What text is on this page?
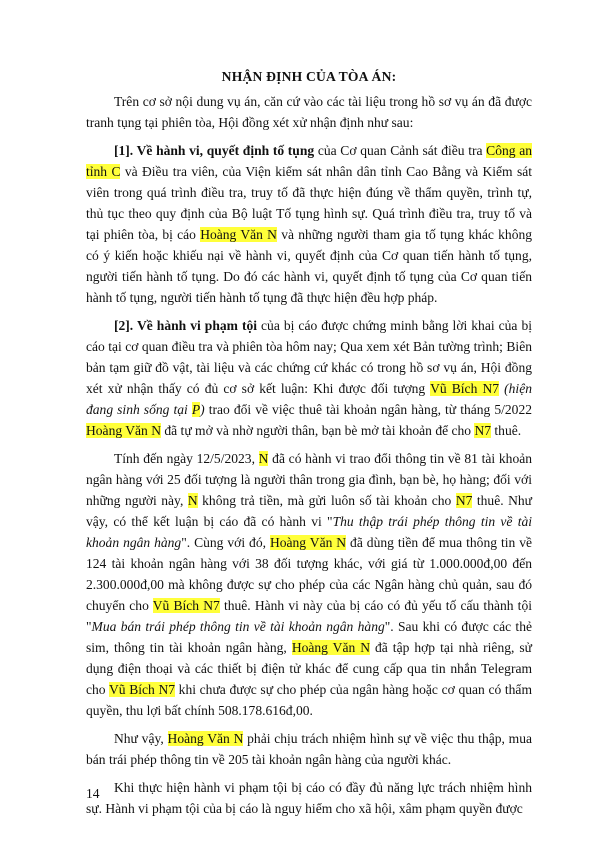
NHẬN ĐỊNH CỦA TÒA ÁN:

Trên cơ sở nội dung vụ án, căn cứ vào các tài liệu trong hồ sơ vụ án đã được tranh tụng tại phiên tòa, Hội đồng xét xử nhận định như sau:

[1]. Về hành vi, quyết định tố tụng của Cơ quan Cảnh sát điều tra Công an tỉnh C và Điều tra viên, của Viện kiểm sát nhân dân tỉnh Cao Bằng và Kiểm sát viên trong quá trình điều tra, truy tố đã thực hiện đúng về thẩm quyền, trình tự, thủ tục theo quy định của Bộ luật Tố tụng hình sự. Quá trình điều tra, truy tố và tại phiên tòa, bị cáo Hoàng Văn N và những người tham gia tố tụng khác không có ý kiến hoặc khiếu nại về hành vi, quyết định của Cơ quan tiến hành tố tụng, người tiến hành tố tụng. Do đó các hành vi, quyết định tố tụng của Cơ quan tiến hành tố tụng, người tiến hành tố tụng đã thực hiện đều hợp pháp.

[2]. Về hành vi phạm tội của bị cáo được chứng minh bằng lời khai của bị cáo tại cơ quan điều tra và phiên tòa hôm nay; Qua xem xét Bản tường trình; Biên bản tạm giữ đồ vật, tài liệu và các chứng cứ khác có trong hồ sơ vụ án, Hội đồng xét xử nhận thấy có đủ cơ sở kết luận: Khi được đối tượng Vũ Bích N7 (hiện đang sinh sống tại P) trao đổi về việc thuê tài khoản ngân hàng, từ tháng 5/2022 Hoàng Văn N đã tự mở và nhờ người thân, bạn bè mở tài khoản để cho N7 thuê.

Tính đến ngày 12/5/2023, N đã có hành vi trao đổi thông tin về 81 tài khoản ngân hàng với 25 đối tượng là người thân trong gia đình, bạn bè, họ hàng; đối với những người này, N không trả tiền, mà gửi luôn số tài khoản cho N7 thuê. Như vậy, có thể kết luận bị cáo đã có hành vi "Thu thập trái phép thông tin về tài khoản ngân hàng". Cùng với đó, Hoàng Văn N đã dùng tiền để mua thông tin về 124 tài khoản ngân hàng với 38 đối tượng khác, với giá từ 1.000.000đ,00 đến 2.300.000đ,00 mà không được sự cho phép của các Ngân hàng chủ quản, sau đó chuyển cho Vũ Bích N7 thuê. Hành vi này của bị cáo có đủ yếu tố cấu thành tội "Mua bán trái phép thông tin về tài khoản ngân hàng". Sau khi có được các thẻ sim, thông tin tài khoản ngân hàng, Hoàng Văn N đã tập hợp tại nhà riêng, sử dụng điện thoại và các thiết bị điện tử khác để cung cấp qua tin nhắn Telegram cho Vũ Bích N7 khi chưa được sự cho phép của ngân hàng hoặc cơ quan có thẩm quyền, thu lợi bất chính 508.178.616đ,00.

Như vậy, Hoàng Văn N phải chịu trách nhiệm hình sự về việc thu thập, mua bán trái phép thông tin về 205 tài khoản ngân hàng của người khác.

Khi thực hiện hành vi phạm tội bị cáo có đầy đủ năng lực trách nhiệm hình sự. Hành vi phạm tội của bị cáo là nguy hiểm cho xã hội, xâm phạm quyền được

14
